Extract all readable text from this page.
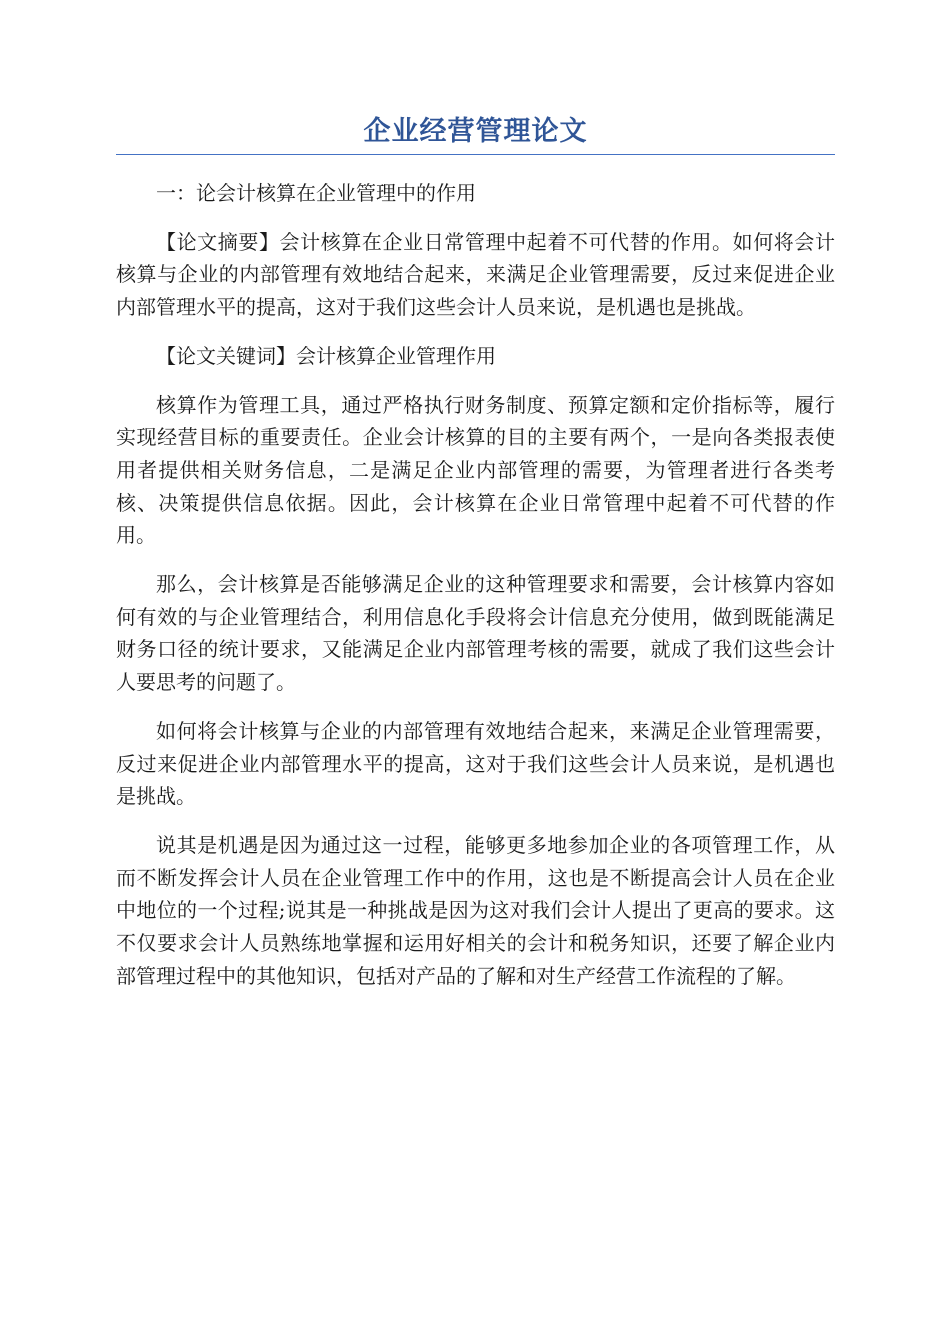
企业经营管理论文

一：论会计核算在企业管理中的作用

【论文摘要】会计核算在企业日常管理中起着不可代替的作用。如何将会计核算与企业的内部管理有效地结合起来，来满足企业管理需要，反过来促进企业内部管理水平的提高，这对于我们这些会计人员来说，是机遇也是挑战。

【论文关键词】会计核算企业管理作用

核算作为管理工具，通过严格执行财务制度、预算定额和定价指标等，履行实现经营目标的重要责任。企业会计核算的目的主要有两个，一是向各类报表使用者提供相关财务信息，二是满足企业内部管理的需要，为管理者进行各类考核、决策提供信息依据。因此，会计核算在企业日常管理中起着不可代替的作用。

那么，会计核算是否能够满足企业的这种管理要求和需要，会计核算内容如何有效的与企业管理结合，利用信息化手段将会计信息充分使用，做到既能满足财务口径的统计要求，又能满足企业内部管理考核的需要，就成了我们这些会计人要思考的问题了。

如何将会计核算与企业的内部管理有效地结合起来，来满足企业管理需要，反过来促进企业内部管理水平的提高，这对于我们这些会计人员来说，是机遇也是挑战。

说其是机遇是因为通过这一过程，能够更多地参加企业的各项管理工作，从而不断发挥会计人员在企业管理工作中的作用，这也是不断提高会计人员在企业中地位的一个过程;说其是一种挑战是因为这对我们会计人提出了更高的要求。这不仅要求会计人员熟练地掌握和运用好相关的会计和税务知识，还要了解企业内部管理过程中的其他知识，包括对产品的了解和对生产经营工作流程的了解。
